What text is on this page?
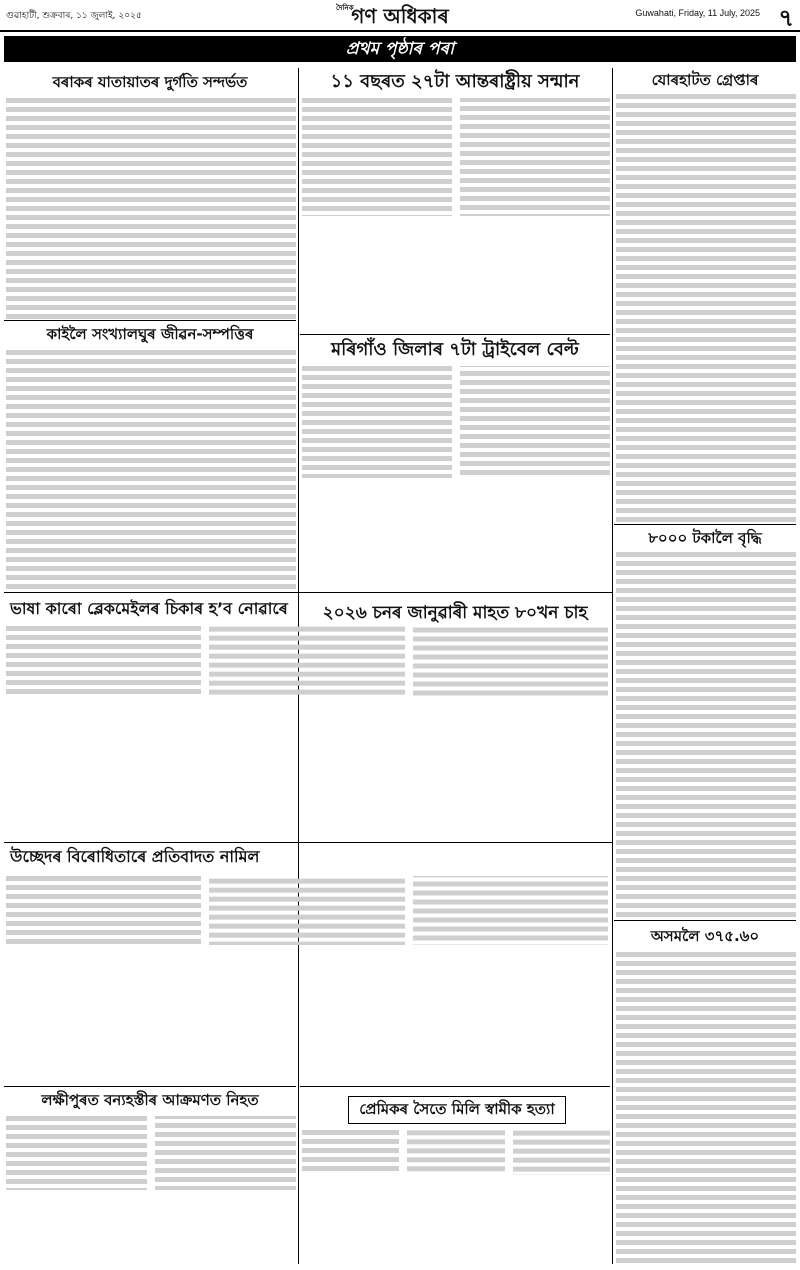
গুৱাহাটী, শুক্ৰবাৰ, ১১ জুলাই, ২০২৫
দৈনিক
গণ অধিকাৰ	Guwahati, Friday, 11 July, 2025 ৭
প্ৰথম পৃষ্ঠাৰ পৰা
বৰাকৰ যাতায়াতৰ দুৰ্গতি সন্দৰ্ভত
কাইলৈ সংখ্যালঘুৰ জীৱন-সম্পত্তিৰ
ভাষা কাৰো ব্লেকমেইলৰ চিকাৰ হ’ব নোৱাৰে
উচ্ছেদৰ বিৰোধিতাৰে প্ৰতিবাদত নামিল
লক্ষীপুৰত বন্যহস্তীৰ আক্ৰমণত নিহত
১১ বছৰত ২৭টা আন্তৰাষ্ট্ৰীয় সন্মান
মৰিগাঁও জিলাৰ ৭টা ট্ৰাইবেল বেল্ট
২০২৬ চনৰ জানুৱাৰী মাহত ৮০খন চাহ
প্ৰেমিকৰ সৈতে মিলি স্বামীক হত্যা
যোৰহাটত গ্ৰেপ্তাৰ
৮০০০ টকালৈ বৃদ্ধি
অসমলৈ ৩৭৫.৬০
